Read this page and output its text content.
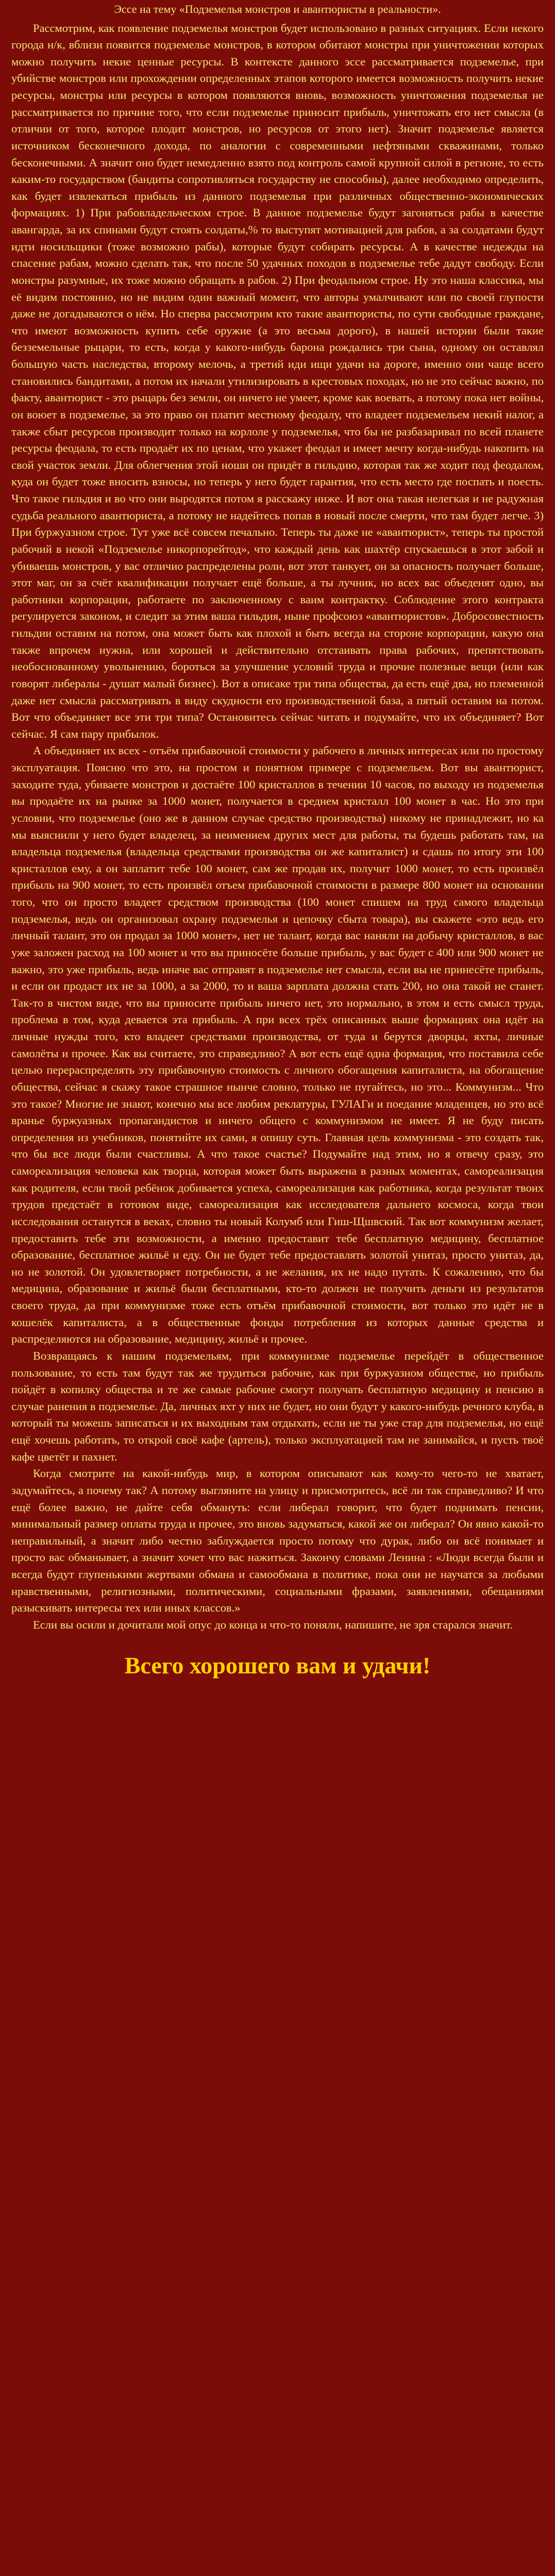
Эссе на тему «Подземелья монстров и авантюристы в реальности».

Рассмотрим, как появление подземелья монстров будет использовано в разных ситуациях. Если некого города н/к, вблизи появится подземелье монстров, в котором обитают монстры при уничтожении которых можно получить некие ценные ресурсы. В контексте данного эссе рассматривается подземелье, при убийстве монстров или прохождении определенных этапов которого имеется возможность получить некие ресурсы, монстры или ресурсы в котором появляются вновь, возможность уничтожения подземелья не рассматривается по причине того, что если подземелье приносит прибыль, уничтожать его нет смысла (в отличии от того, которое плодит монстров, но ресурсов от этого нет). Значит подземелье является источником бесконечного дохода, по аналогии с современными нефтяными скважинами, только бесконечными. А значит оно будет немедленно взято под контроль самой крупной силой в регионе, то есть каким-то государством (бандиты сопротивляться государству не способны), далее необходимо определить, как будет извлекаться прибыль из данного подземелья при различных общественно-экономических формациях. 1) При рабовладельческом строе. В данное подземелье будут загоняться рабы в качестве авангарда, за их спинами будут стоять солдаты,% то выступят мотивацией для рабов, а за солдатами будут идти носильщики (тоже возможно рабы), которые будут собирать ресурсы. А в качестве недежды на спасение рабам, можно сделать так, что после 50 удачных походов в подземелье тебе дадут свободу. Если монстры разумные, их тоже можно обращать в рабов. 2) При феодальном строе. Ну это наша классика, мы её видим постоянно, но не видим один важный момент, что авторы умалчивают или по своей глупости даже не догадываются о нём. Но сперва рассмотрим кто такие авантюристы, по сути свободные граждане, что имеют возможность купить себе оружие (а это весьма дорого), в нашей истории были такие безземельные рыцари, то есть, когда у какого-нибудь барона рождались три сына, одному он оставлял большую часть наследства, второму мелочь, а третий иди ищи удачи на дороге, именно они чаще всего становились бандитами, а потом их начали утилизировать в крестовых походах, но не это сейчас важно, по факту, авантюрист - это рыцарь без земли, он ничего не умеет, кроме как воевать, а потому пока нет войны, он воюет в подземелье, за это право он платит местному феодалу, что владеет подземельем некий налог, а также сбыт ресурсов производит только на корлоле у подземелья, что бы не разбазаривал по всей планете ресурсы феодала, то есть продаёт их по ценам, что укажет феодал и имеет мечту когда-нибудь накопить на свой участок земли. Для облегчения этой ноши он придёт в гильдию, которая так же ходит под феодалом, куда он будет тоже вносить взносы, но теперь у него будет гарантия, что есть место где поспать и поесть. Что такое гильдия и во что они выродятся потом я расскажу ниже. И вот она такая нелегкая и не радужная судьба реального авантюриста, а потому не надейтесь попав в новый после смерти, что там будет легче. 3) При буржуазном строе. Тут уже всё совсем печально. Теперь ты даже не «авантюрист», теперь ты простой рабочий в некой «Подземелье никорпорейтод», что каждый день как шахтёр спускаешься в этот забой и убиваешь монстров, у вас отличио распределены роли, вот этот танкует, он за опасность получает больше, этот маг, он за счёт квалификации получает ещё больше, а ты лучник, но всех вас объеденят одно, вы работники корпорации, работаете по заключенному с ваим контрактку. Соблюдение этого контракта регулируется законом, и следит за этим ваша гильдия, ныне профсоюз «авантюристов». Добросовестность гильдии оставим на потом, она может быть как плохой и быть всегда на стороне корпорации, какую она также впрочем нужна, или хорошей и действительно отстаивать права рабочих, препятствовать необоснованному увольнению, бороться за улучшение условий труда и прочие полезные вещи (или как говорят либералы - душат малый бизнес). Вот в описаке три типа общества, да есть ещё два, но племенной даже нет смысла рассматривать в виду скудности его производственной база, а пятый оставим на потом. Вот что объединяет все эти три типа? Остановитесь сейчас читать и подумайте, что их объединяет? Вот сейчас. Я сам пару прибылок.

А объединяет их всех - отъём прибавочной стоимости у рабочего в личных интересах или по простому эксплуатация. Поясню что это, на простом и понятном примере с подземельем. Вот вы авантюрист, заходите туда, убиваете монстров и достаёте 100 кристаллов в течении 10 часов, по выходу из подземелья вы продаёте их на рынке за 1000 монет, получается в среднем кристалл 100 монет в час. Но это при условии, что подземелье (оно же в данном случае средство производства) никому не принадлежит, но ка мы выяснили у него будет владелец, за неимением других мест для работы, ты будешь работать там, на владельца подземелья (владельца средствами производства он же капиталист) и сдашь по итогу эти 100 кристаллов ему, а он заплатит тебе 100 монет, сам же продав их, получит 1000 монет, то есть произвёл прибыль на 900 монет, то есть произвёл отъем прибавочной стоимости в размере 800 монет на основании того, что он просто владеет средством производства (100 монет спишем на труд самого владельца подземелья, ведь он организовал охрану подземелья и цепочку сбыта товара), вы скажете «это ведь его личный талант, это он продал за 1000 монет», нет не талант, когда вас наняли на добычу кристаллов, в вас уже заложен расход на 100 монет и что вы приносёте больше прибыль, у вас будет с 400 или 900 монет не важно, это уже прибыль, ведь иначе вас отправят в подземелье нет смысла, если вы не принесёте прибыль, и если он продаст их не за 1000, а за 2000, то и ваша зарплата должна стать 200, но она такой не станет. Так-то в чистом виде, что вы приносите прибыль ничего нет, это нормально, в этом и есть смысл труда, проблема в том, куда девается эта прибыль. А при всех трёх описанных выше формациях она идёт на личные нужды того, кто владеет средствами производства, от туда и берутся дворцы, яхты, личные самолёты и прочее. Как вы считаете, это справедливо? А вот есть ещё одна формация, что поставила себе целью перераспределять эту прибавочную стоимость с личного обогащения капиталиста, на обогащение общества, сейчас я скажу такое страшное нынче словно, только не пугайтесь, но это... Коммунизм... Что это такое? Многие не знают, конечно мы все любим реклатуры, ГУЛАГи и поедание младенцев, но это всё вранье буржуазных пропагандистов и ничего общего с коммунизмом не имеет. Я не буду писать определения из учебников, понятийте их сами, я опишу суть. Главная цель коммунизма - это создать так, что бы все люди были счастливы. А что такое счастье? Подумайте над этим, но я отвечу сразу, это самореализация человека как творца, которая может быть выражена в разных моментах, самореализация как родителя, если твой ребёнок добивается успеха, самореализация как работника, когда результат твоих трудов предстаёт в готовом виде, самореализация как исследователя дальнего космоса, когда твои исследования останутся в веках, словно ты новый Колумб или Гиш-Щшвский. Так вот коммунизм желает, предоставить тебе эти возможности, а именно предоставит тебе бесплатную медицину, бесплатное образование, бесплатное жильё и еду. Он не будет тебе предоставлять золотой унитаз, просто унитаз, да, но не золотой. Он удовлетворяет потребности, а не желания, их не надо путать. К сожалению, что бы медицина, образование и жильё были бесплатными, кто-то должен не получить деньги из результатов своего труда, да при коммунизме тоже есть отъём прибавочной стоимости, вот только это идёт не в кошелёк капиталиста, а в общественные фонды потребления из которых данные средства и распределяются на образование, медицину, жильё и прочее.

Возвращаясь к нашим подземельям, при коммунизме подземелье перейдёт в общественное пользование, то есть там будут так же трудиться рабочие, как при буржуазном обществе, но прибыль пойдёт в копилку общества и те же самые рабочие смогут получать бесплатную медицину и пенсию в случае ранения в подземелье. Да, личных яхт у них не будет, но они будут у какого-нибудь речного клуба, в который ты можешь записаться и их выходным там отдыхать, если не ты уже стар для подземелья, но ещё ещё хочешь работать, то открой своё кафе (артель), только эксплуатацией там не занимайся, и пусть твоё кафе цветёт и пахнет.

Когда смотрите на какой-нибудь мир, в котором описывают как кому-то чего-то не хватает, задумайтесь, а почему так? А потому выгляните на улицу и присмотритесь, всё ли так справедливо? И что ещё более важно, не дайте себя обмануть: если либерал говорит, что будет поднимать пенсии, минимальный размер оплаты труда и прочее, это вновь задуматься, какой же он либерал? Он явно какой-то неправильный, а значит либо честно заблуждается просто потому что дурак, либо он всё понимает и просто вас обманывает, а значит хочет что вас нажиться. Закончу словами Ленина : «Люди всегда были и всегда будут глупенькими жертвами обмана и самообмана в политике, пока они не научатся за любыми нравственными, религиозными, политическими, социальными фразами, заявлениями, обещаниями разыскивать интересы тех или иных классов.»

Если вы осили и дочитали мой опус до конца и что-то поняли, напишите, не зря старался значит.

Всего хорошего вам и удачи!
